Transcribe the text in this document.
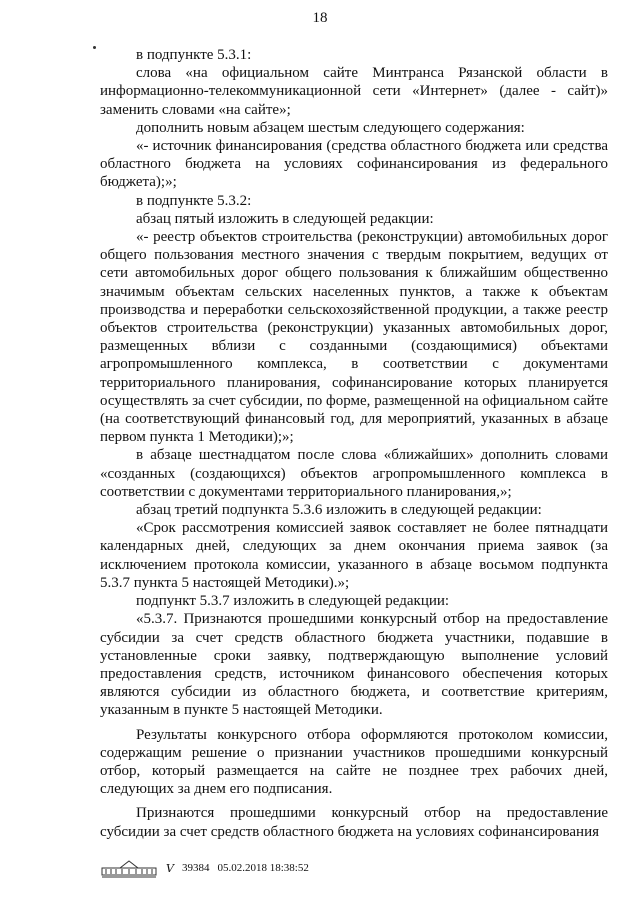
18

в подпункте 5.3.1:

слова «на официальном сайте Минтранса Рязанской области в информационно-телекоммуникационной сети «Интернет» (далее - сайт)» заменить словами «на сайте»;

дополнить новым абзацем шестым следующего содержания:

«- источник финансирования (средства областного бюджета или средства областного бюджета на условиях софинансирования из федерального бюджета);»;

в подпункте 5.3.2:

абзац пятый изложить в следующей редакции:

«- реестр объектов строительства (реконструкции) автомобильных дорог общего пользования местного значения с твердым покрытием, ведущих от сети автомобильных дорог общего пользования к ближайшим общественно значимым объектам сельских населенных пунктов, а также к объектам производства и переработки сельскохозяйственной продукции, а также реестр объектов строительства (реконструкции) указанных автомобильных дорог, размещенных вблизи с созданными (создающимися) объектами агропромышленного комплекса, в соответствии с документами территориального планирования, софинансирование которых планируется осуществлять за счет субсидии, по форме, размещенной на официальном сайте (на соответствующий финансовый год, для мероприятий, указанных в абзаце первом пункта 1 Методики);»;

в абзаце шестнадцатом после слова «ближайших» дополнить словами «созданных (создающихся) объектов агропромышленного комплекса в соответствии с документами территориального планирования,»;

абзац третий подпункта 5.3.6 изложить в следующей редакции:

«Срок рассмотрения комиссией заявок составляет не более пятнадцати календарных дней, следующих за днем окончания приема заявок (за исключением протокола комиссии, указанного в абзаце восьмом подпункта 5.3.7 пункта 5 настоящей Методики).»;

подпункт 5.3.7 изложить в следующей редакции:

«5.3.7. Признаются прошедшими конкурсный отбор на предоставление субсидии за счет средств областного бюджета участники, подавшие в установленные сроки заявку, подтверждающую выполнение условий предоставления средств, источником финансового обеспечения которых являются субсидии из областного бюджета, и соответствие критериям, указанным в пункте 5 настоящей Методики.

Результаты конкурсного отбора оформляются протоколом комиссии, содержащим решение о признании участников прошедшими конкурсный отбор, который размещается на сайте не позднее трех рабочих дней, следующих за днем его подписания.

Признаются прошедшими конкурсный отбор на предоставление субсидии за счет средств областного бюджета на условиях софинансирования

𝑉 39384 05.02.2018 18:38:52
